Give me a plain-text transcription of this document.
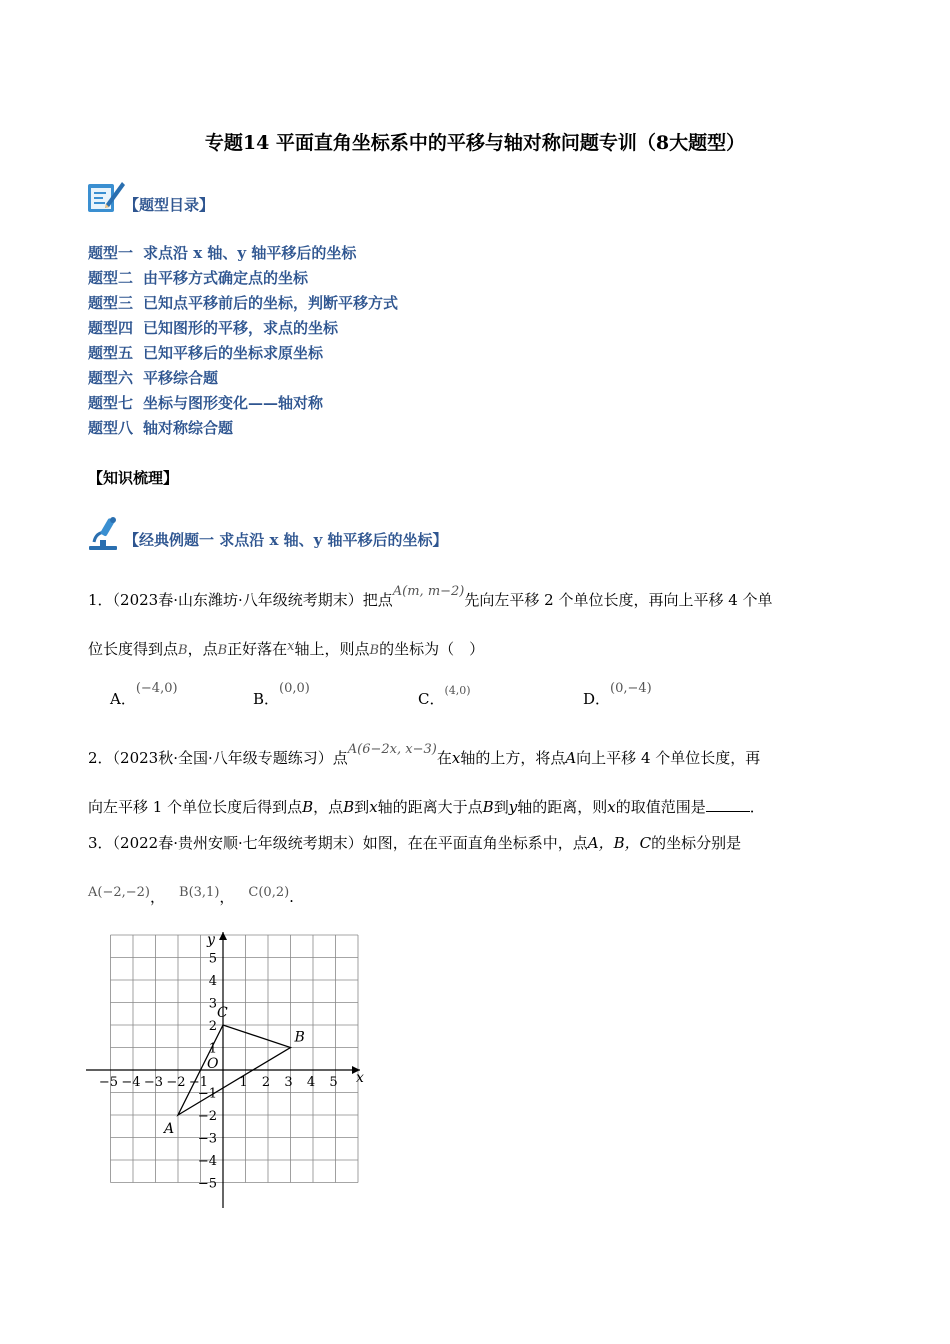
专题14 平面直角坐标系中的平移与轴对称问题专训（8大题型）
【题型目录】
题型一 求点沿 x 轴、y 轴平移后的坐标
题型二 由平移方式确定点的坐标
题型三 已知点平移前后的坐标，判断平移方式
题型四 已知图形的平移，求点的坐标
题型五 已知平移后的坐标求原坐标
题型六 平移综合题
题型七 坐标与图形变化——轴对称
题型八 轴对称综合题
【知识梳理】
【经典例题一 求点沿 x 轴、y 轴平移后的坐标】
1．（2023春·山东潍坊·八年级统考期末）把点A(m, m−2)先向左平移 2 个单位长度，再向上平移 4 个单
位长度得到点B，点B正好落在x轴上，则点B的坐标为（　）
A．(−4,0)
B．(0,0)
C．$^{(4,0)}$	D．(0,−4)
2．（2023秋·全国·八年级专题练习）点A(6−2x, x−3)在x轴的上方，将点A向上平移 4 个单位长度，再
向左平移 1 个单位长度后得到点B，点B到x轴的距离大于点B到y轴的距离，则x的取值范围是	．
3．（2022春·贵州安顺·七年级统考期末）如图，在在平面直角坐标系中，点A，B，C的坐标分别是
A(−2,−2)， B(3,1)， C(0,2).
−5 −4 −3 −2 −1 1 2 3 4 5
5
4
3
2
1
−1
−2
−3
−4
−5
x
y
O
A
B
C
